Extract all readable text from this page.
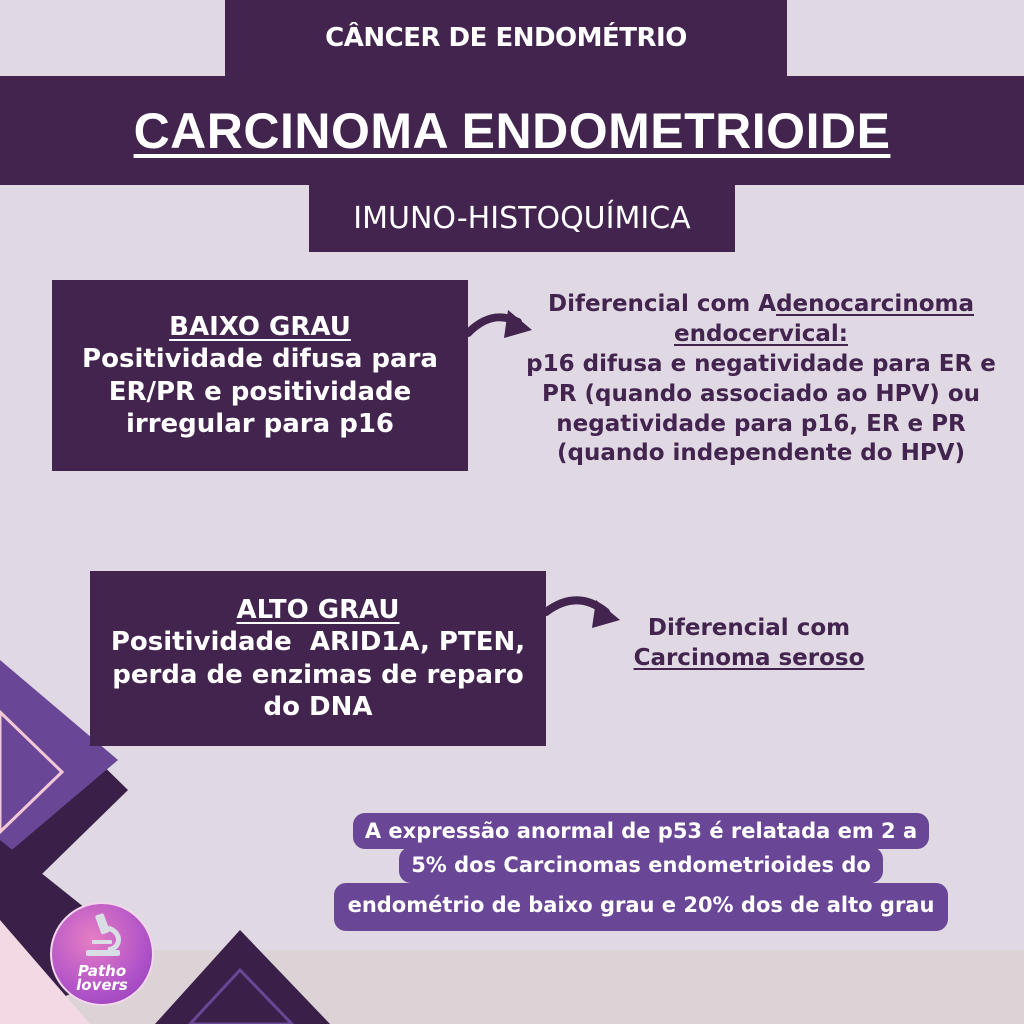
CÂNCER DE ENDOMÉTRIO
CARCINOMA ENDOMETRIOIDE
IMUNO-HISTOQUÍMICA
BAIXO GRAU
Positividade difusa para ER/PR e positividade irregular para p16
Diferencial com Adenocarcinoma
endocervical:
p16 difusa e negatividade para ER e PR (quando associado ao HPV) ou negatividade para p16, ER e PR (quando independente do HPV)
ALTO GRAU
Positividade  ARID1A, PTEN, perda de enzimas de reparo do DNA
Diferencial com
Carcinoma seroso
A expressão anormal de p53 é relatada em 2 a
5% dos Carcinomas endometrioides do
endométrio de baixo grau e 20% dos de alto grau
Patho
lovers
